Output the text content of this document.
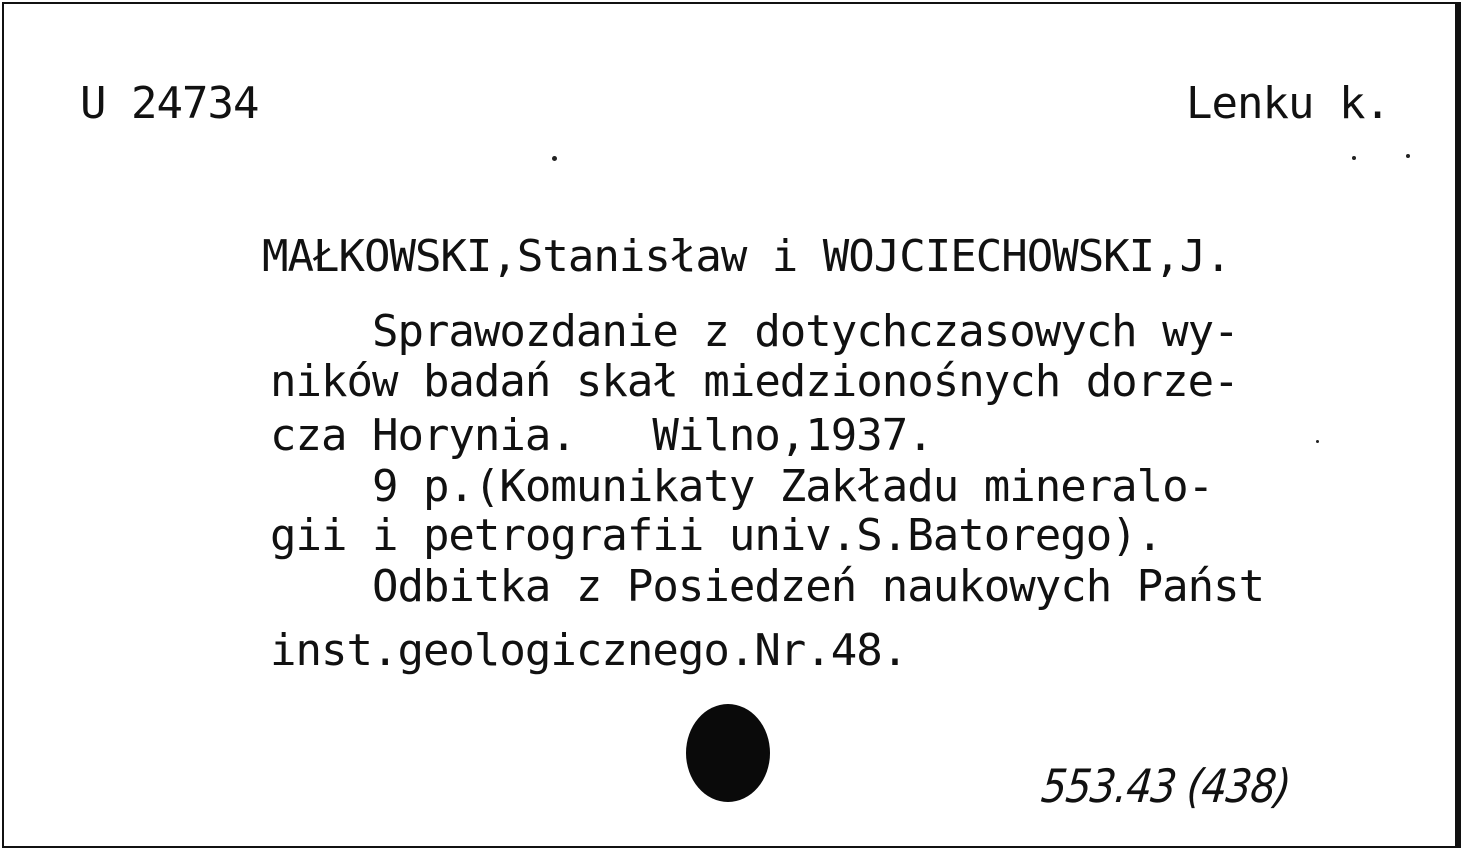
U 24734	Lenku k.
MAŁKOWSKI,Stanisław i WOJCIECHOWSKI,J.
Sprawozdanie z dotychczasowych wy-
ników badań skał miedzionośnych dorze-
cza Horynia.   Wilno,1937.
9 p.(Komunikaty Zakładu mineralo-
gii i petrografii univ.S.Batorego).
Odbitka z Posiedzeń naukowych Państ
inst.geologicznego.Nr.48.
553.43 (438)
